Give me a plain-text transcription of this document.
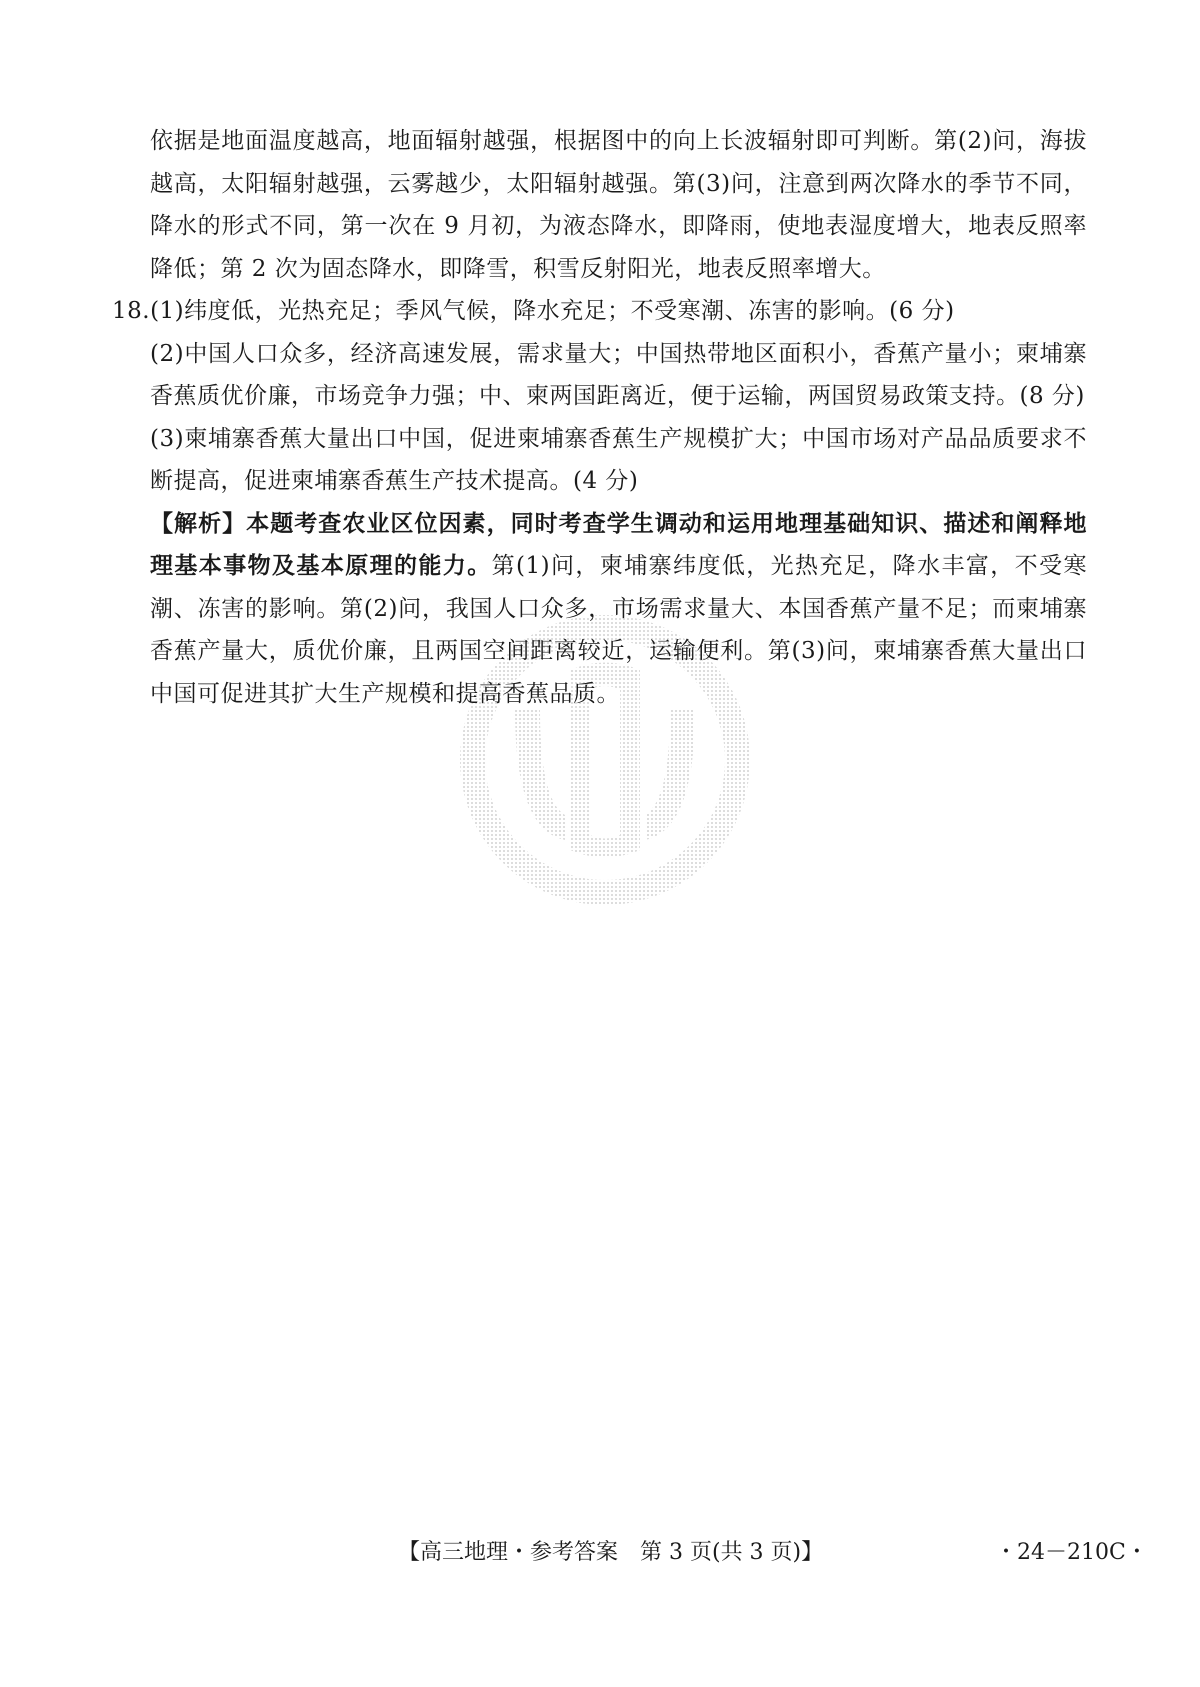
依据是地面温度越高，地面辐射越强，根据图中的向上长波辐射即可判断。第(2)问，海拔越高，太阳辐射越强，云雾越少，太阳辐射越强。第(3)问，注意到两次降水的季节不同，降水的形式不同，第一次在 9 月初，为液态降水，即降雨，使地表湿度增大，地表反照率降低；第 2 次为固态降水，即降雪，积雪反射阳光，地表反照率增大。

18.(1)纬度低，光热充足；季风气候，降水充足；不受寒潮、冻害的影响。(6 分)

(2)中国人口众多，经济高速发展，需求量大；中国热带地区面积小，香蕉产量小；柬埔寨香蕉质优价廉，市场竞争力强；中、柬两国距离近，便于运输，两国贸易政策支持。(8 分)

(3)柬埔寨香蕉大量出口中国，促进柬埔寨香蕉生产规模扩大；中国市场对产品品质要求不断提高，促进柬埔寨香蕉生产技术提高。(4 分)

【解析】本题考查农业区位因素，同时考查学生调动和运用地理基础知识、描述和阐释地理基本事物及基本原理的能力。第(1)问，柬埔寨纬度低，光热充足，降水丰富，不受寒潮、冻害的影响。第(2)问，我国人口众多，市场需求量大、本国香蕉产量不足；而柬埔寨香蕉产量大，质优价廉，且两国空间距离较近，运输便利。第(3)问，柬埔寨香蕉大量出口中国可促进其扩大生产规模和提高香蕉品质。

【高三地理・参考答案　第 3 页(共 3 页)】	・24－210C・
